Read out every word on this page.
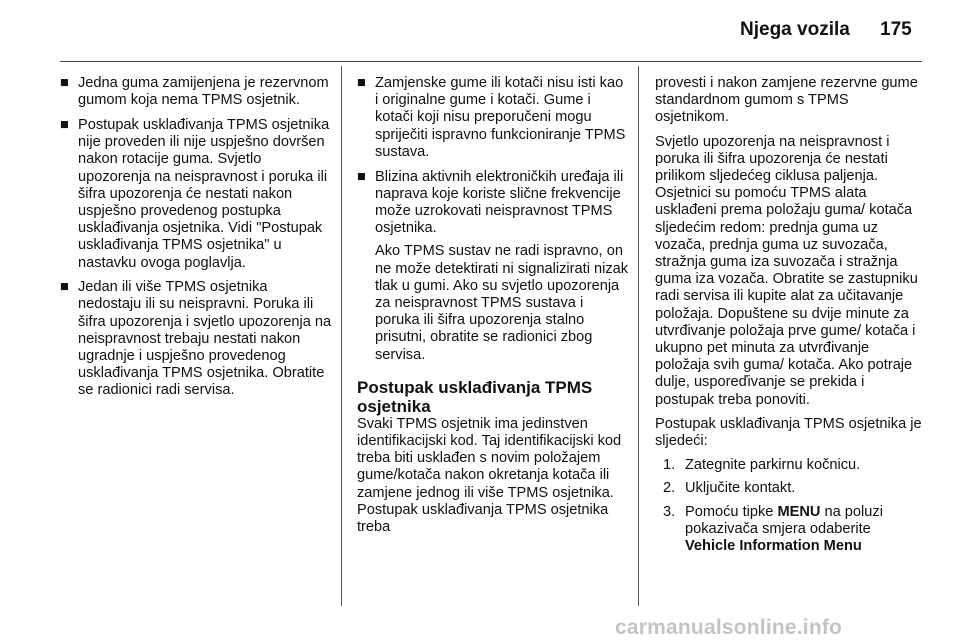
Njega vozila 175
■ Jedna guma zamijenjena je rezervnom gumom koja nema TPMS osjetnik.
■ Postupak usklađivanja TPMS osjetnika nije proveden ili nije uspješno dovršen nakon rotacije guma. Svjetlo upozorenja na neispravnost i poruka ili šifra upozorenja će nestati nakon uspješno provedenog postupka usklađivanja osjetnika. Vidi "Postupak usklađivanja TPMS osjetnika" u nastavku ovoga poglavlja.
■ Jedan ili više TPMS osjetnika nedostaju ili su neispravni. Poruka ili šifra upozorenja i svjetlo upozorenja na neispravnost trebaju nestati nakon ugradnje i uspješno provedenog usklađivanja TPMS osjetnika. Obratite se radionici radi servisa.
■ Zamjenske gume ili kotači nisu isti kao i originalne gume i kotači. Gume i kotači koji nisu preporučeni mogu spriječiti ispravno funkcioniranje TPMS sustava.
■ Blizina aktivnih elektroničkih uređaja ili naprava koje koriste slične frekvencije može uzrokovati neispravnost TPMS osjetnika.
Ako TPMS sustav ne radi ispravno, on ne može detektirati ni signalizirati nizak tlak u gumi. Ako su svjetlo upozorenja za neispravnost TPMS sustava i poruka ili šifra upozorenja stalno prisutni, obratite se radionici zbog servisa.
Postupak usklađivanja TPMS osjetnika

Svaki TPMS osjetnik ima jedinstven identifikacijski kod. Taj identifikacijski kod treba biti usklađen s novim položajem gume/kotača nakon okretanja kotača ili zamjene jednog ili više TPMS osjetnika. Postupak usklađivanja TPMS osjetnika treba

provesti i nakon zamjene rezervne gume standardnom gumom s TPMS osjetnikom.

Svjetlo upozorenja na neispravnost i poruka ili šifra upozorenja će nestati prilikom sljedećeg ciklusa paljenja. Osjetnici su pomoću TPMS alata usklađeni prema položaju guma/ kotača sljedećim redom: prednja guma uz vozača, prednja guma uz suvozača, stražnja guma iza suvozača i stražnja guma iza vozača. Obratite se zastupniku radi servisa ili kupite alat za učitavanje položaja. Dopuštene su dvije minute za utvrđivanje položaja prve gume/ kotača i ukupno pet minuta za utvrđivanje položaja svih guma/ kotača. Ako potraje dulje, usporeďivanje se prekida i postupak treba ponoviti.

Postupak usklađivanja TPMS osjetnika je sljedeći:

1. Zategnite parkirnu kočnicu.
2. Uključite kontakt.
3. Pomoću tipke MENU na poluzi pokazivača smjera odaberite
Vehicle Information Menu
carmanualsonline.info
